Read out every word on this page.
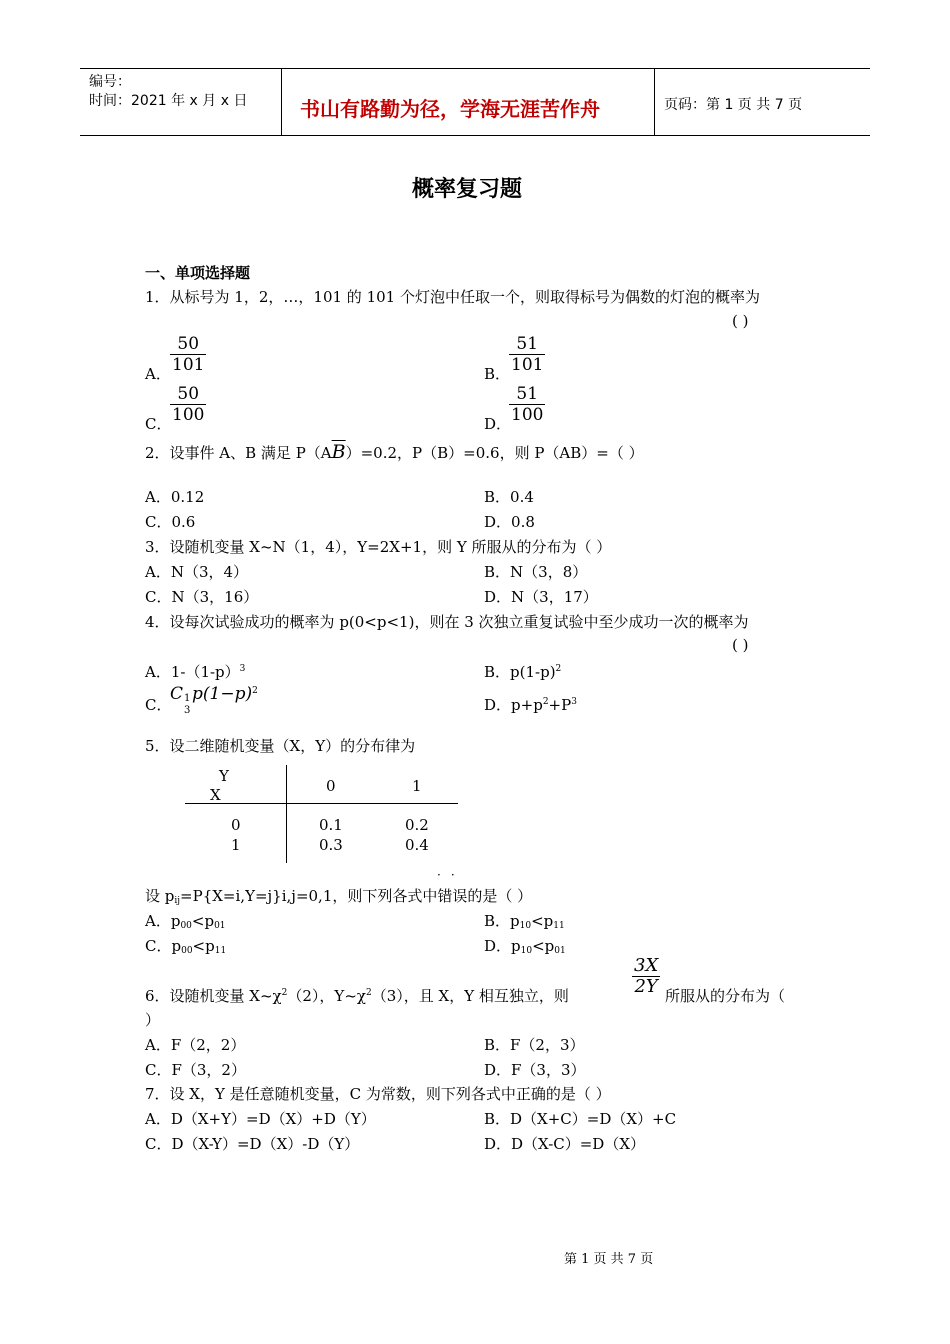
编号：
时间：2021 年 x 月 x 日	书山有路勤为径，学海无涯苦作舟	页码：第 1 页 共 7 页
概率复习题
一、单项选择题
1．从标号为 1，2，…，101 的 101 个灯泡中任取一个，则取得标号为偶数的灯泡的概率为
( )
A． $\frac{50}{101}$	B．
$\frac{51}{101}$
C．
$\frac{50}{100}$	D．
$\frac{51}{100}$
2．设事件 A、B 满足 $P(A\overline{B})=0.2$，P（B）=0.6，则 P（AB）=（ ）
A．0.12	B．0.4
C．0.6	D．0.8
3．设随机变量 X~N（1，4），Y=2X+1，则 Y 所服从的分布为（ ）
A．N（3，4）	B．N（3，8）
C．N（3，16）	D．N（3，17）
4．设每次试验成功的概率为 p(0<p<1)，则在 3 次独立重复试验中至少成功一次的概率为
( )
A．$1-(1-p)^3$	B．$p(1-p)^2$
C．
C 1
3
$p(1-p)^2$
D．$p+p^2+P^3$
5．设二维随机变量（X，Y）的分布律为
Y
X	0	1
0	0.1	0.2
1	0.3	0.4
··
设 $p_{ij}=P\{X=i,Y=j\}i,j=0,1$，则下列各式中错误的是（ ）
A．$p_{00}<p_{01}$	B．$p_{10}<p_{11}$
C．$p_{00}<p_{11}$	D．$p_{10}<p_{01}$
6．设随机变量 $X\sim\chi^2(2)$，$Y\sim\chi^2(3)$，且 X，Y 相互独立，则	$\frac{3X}{2Y}$ 所服从的分布为（
）
A．F（2，2）	B．F（2，3）
C．F（3，2）	D．F（3，3）
7．设 X，Y 是任意随机变量，C 为常数，则下列各式中正确的是（ ）
A．D（X+Y）=D（X）+D（Y）	B．D（X+C）=D（X）+C
C．D（X-Y）=D（X）-D（Y）	D．D（X-C）=D（X）
第 1 页 共 7 页
